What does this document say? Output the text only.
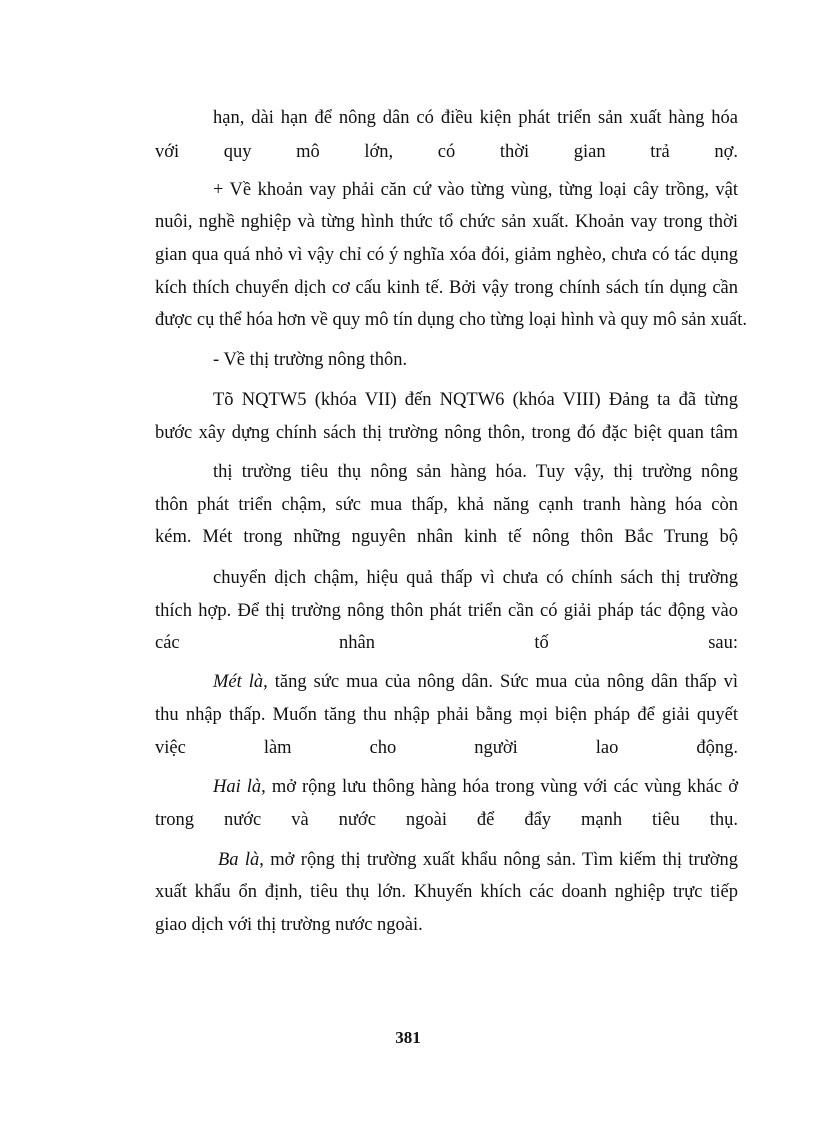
hạn, dài hạn để nông dân có điều kiện phát triển sản xuất hàng hóa
với quy mô lớn, có thời gian trả nợ.
+ Về khoản vay phải căn cứ vào từng vùng, từng loại cây trồng, vật
nuôi, nghề nghiệp và từng hình thức tổ chức sản xuất. Khoản vay trong thời
gian qua quá nhỏ vì vậy chỉ có ý nghĩa xóa đói, giảm nghèo, chưa có tác dụng
kích thích chuyển dịch cơ cấu kinh tế. Bởi vậy trong chính sách tín dụng cần
được cụ thể hóa hơn về quy mô tín dụng cho từng loại hình và quy mô sản xuất.
- Về thị trường nông thôn.
Tõ NQTW5 (khóa VII) đến NQTW6 (khóa VIII) Đảng ta đã từng
bước xây dựng chính sách thị trường nông thôn, trong đó đặc biệt quan tâm
thị trường tiêu thụ nông sản hàng hóa. Tuy vậy, thị trường nông
thôn phát triển chậm, sức mua thấp, khả năng cạnh tranh hàng hóa còn
kém. Mét trong những nguyên nhân kinh tế nông thôn Bắc Trung bộ
chuyển dịch chậm, hiệu quả thấp vì chưa có chính sách thị trường
thích hợp. Để thị trường nông thôn phát triển cần có giải pháp tác động vào
các nhân tố sau:
Mét là, tăng sức mua của nông dân. Sức mua của nông dân thấp vì
thu nhập thấp. Muốn tăng thu nhập phải bằng mọi biện pháp để giải quyết
việc làm cho người lao động.
Hai là, mở rộng lưu thông hàng hóa trong vùng với các vùng khác ở
trong nước và nước ngoài để đẩy mạnh tiêu thụ.
Ba là, mở rộng thị trường xuất khẩu nông sản. Tìm kiếm thị trường
xuất khẩu ổn định, tiêu thụ lớn. Khuyến khích các doanh nghiệp trực tiếp
giao dịch với thị trường nước ngoài.
381
